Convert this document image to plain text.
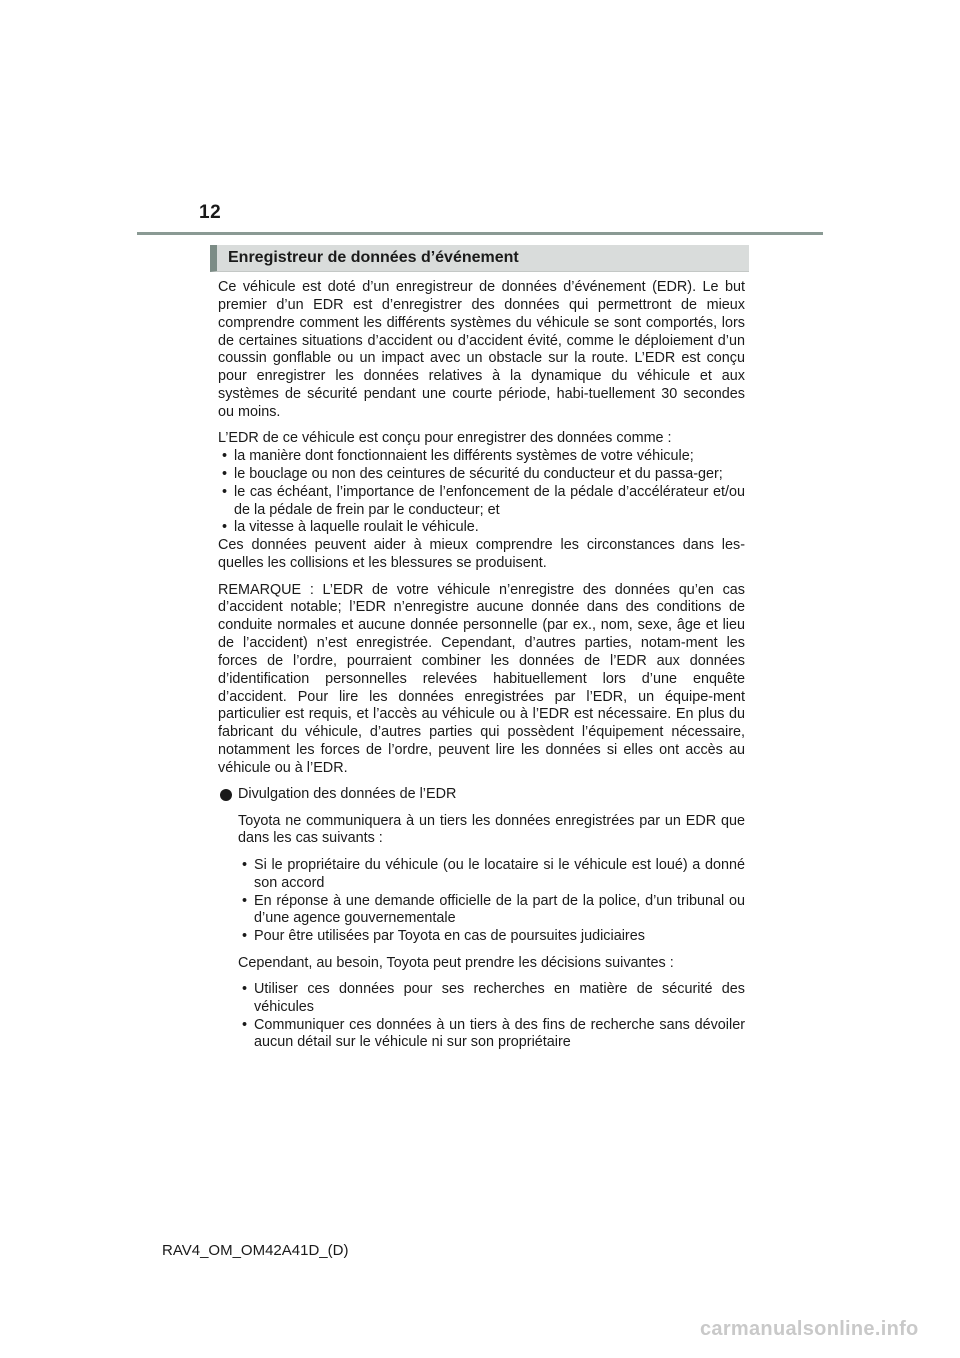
12
Enregistreur de données d’événement

Ce véhicule est doté d’un enregistreur de données d’événement (EDR). Le but premier d’un EDR est d’enregistrer des données qui permettront de mieux comprendre comment les différents systèmes du véhicule se sont comportés, lors de certaines situations d’accident ou d’accident évité, comme le déploiement d’un coussin gonflable ou un impact avec un obstacle sur la route. L’EDR est conçu pour enregistrer les données relatives à la dynamique du véhicule et aux systèmes de sécurité pendant une courte période, habi-tuellement 30 secondes ou moins.

L’EDR de ce véhicule est conçu pour enregistrer des données comme :

• la manière dont fonctionnaient les différents systèmes de votre véhicule;
• le bouclage ou non des ceintures de sécurité du conducteur et du passa-ger;
• le cas échéant, l’importance de l’enfoncement de la pédale d’accélérateur et/ou de la pédale de frein par le conducteur; et
• la vitesse à laquelle roulait le véhicule.

Ces données peuvent aider à mieux comprendre les circonstances dans les-quelles les collisions et les blessures se produisent.

REMARQUE : L’EDR de votre véhicule n’enregistre des données qu’en cas d’accident notable; l’EDR n’enregistre aucune donnée dans des conditions de conduite normales et aucune donnée personnelle (par ex., nom, sexe, âge et lieu de l’accident) n’est enregistrée. Cependant, d’autres parties, notam-ment les forces de l’ordre, pourraient combiner les données de l’EDR aux données d’identification personnelles relevées habituellement lors d’une enquête d’accident. Pour lire les données enregistrées par l’EDR, un équipe-ment particulier est requis, et l’accès au véhicule ou à l’EDR est nécessaire. En plus du fabricant du véhicule, d’autres parties qui possèdent l’équipement nécessaire, notamment les forces de l’ordre, peuvent lire les données si elles ont accès au véhicule ou à l’EDR.

Divulgation des données de l’EDR

Toyota ne communiquera à un tiers les données enregistrées par un EDR que dans les cas suivants :

• Si le propriétaire du véhicule (ou le locataire si le véhicule est loué) a donné son accord
• En réponse à une demande officielle de la part de la police, d’un tribunal ou d’une agence gouvernementale
• Pour être utilisées par Toyota en cas de poursuites judiciaires

Cependant, au besoin, Toyota peut prendre les décisions suivantes :

• Utiliser ces données pour ses recherches en matière de sécurité des véhicules
• Communiquer ces données à un tiers à des fins de recherche sans dévoiler aucun détail sur le véhicule ni sur son propriétaire
RAV4_OM_OM42A41D_(D)
carmanualsonline.info
